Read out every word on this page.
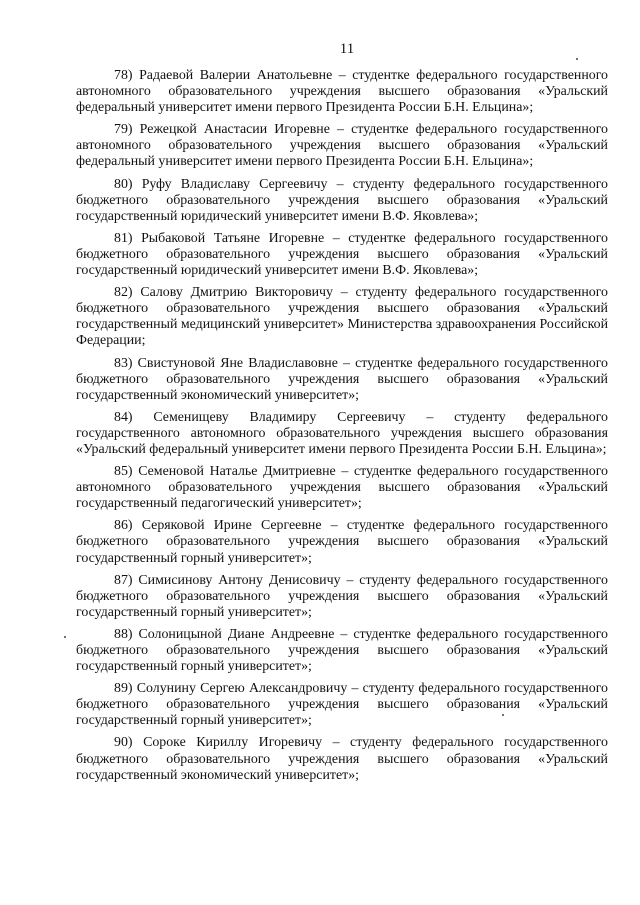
11

78 ) Радаевой Валерии Анатольевне – студентке федерального государственного автономного образовательного учреждения высшего образования «Уральский федеральный университет имени первого Президента России Б.Н. Ельцина»;

79 ) Режецкой Анастасии Игоревне – студентке федерального государственного автономного образовательного учреждения высшего образования «Уральский федеральный университет имени первого Президента России Б.Н. Ельцина»;

80 ) Руфу Владиславу Сергеевичу – студенту федерального государственного бюджетного образовательного учреждения высшего образования «Уральский государственный юридический университет имени В.Ф. Яковлева»;

81 ) Рыбаковой Татьяне Игоревне – студентке федерального государственного бюджетного образовательного учреждения высшего образования «Уральский государственный юридический университет имени В.Ф. Яковлева»;

82 ) Салову Дмитрию Викторовичу – студенту федерального государственного бюджетного образовательного учреждения высшего образования «Уральский государственный медицинский университет» Министерства здравоохранения Российской Федерации;

83 ) Свистуновой Яне Владиславовне – студентке федерального государственного бюджетного образовательного учреждения высшего образования «Уральский государственный экономический университет»;

84 ) Семенищеву Владимиру Сергеевичу – студенту федерального государственного автономного образовательного учреждения высшего образования «Уральский федеральный университет имени первого Президента России Б.Н. Ельцина»;

85 ) Семеновой Наталье Дмитриевне – студентке федерального государственного автономного образовательного учреждения высшего образования «Уральский государственный педагогический университет»;

86 ) Серяковой Ирине Сергеевне – студентке федерального государственного бюджетного образовательного учреждения высшего образования «Уральский государственный горный университет»;

87 ) Симисинову Антону Денисовичу – студенту федерального государственного бюджетного образовательного учреждения высшего образования «Уральский государственный горный университет»;

88 ) Солоницыной Диане Андреевне – студентке федерального государственного бюджетного образовательного учреждения высшего образования «Уральский государственный горный университет»;

89 ) Солунину Сергею Александровичу – студенту федерального государственного бюджетного образовательного учреждения высшего образования «Уральский государственный горный университет»;

90 ) Сороке Кириллу Игоревичу – студенту федерального государственного бюджетного образовательного учреждения высшего образования «Уральский государственный экономический университет»;
